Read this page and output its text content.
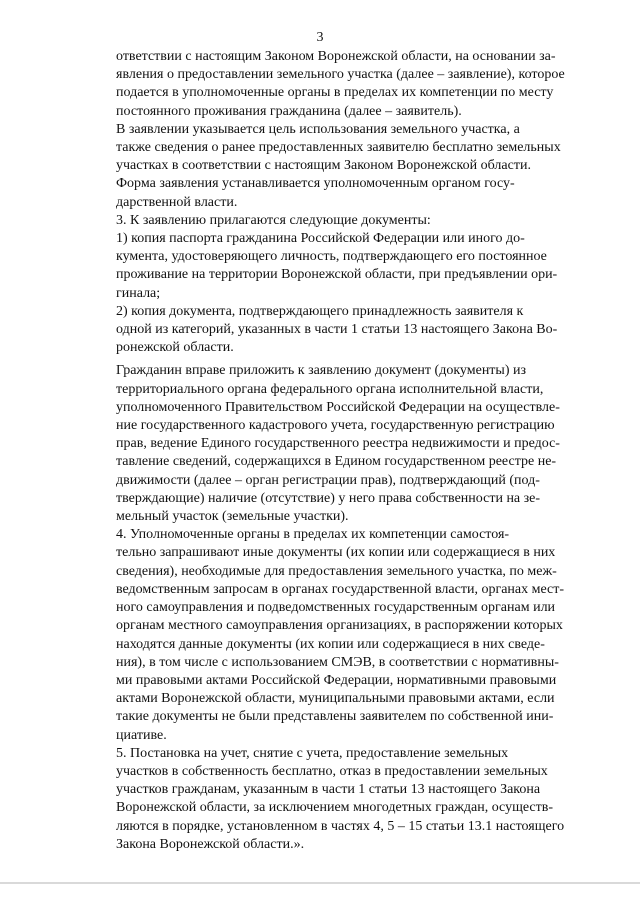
3

ответствии с настоящим Законом Воронежской области, на основании за-
явления о предоставлении земельного участка (далее – заявление), которое
подается в уполномоченные органы в пределах их компетенции по месту
постоянного проживания гражданина (далее – заявитель).

В заявлении указывается цель использования земельного участка, а
также сведения о ранее предоставленных заявителю бесплатно земельных
участках в соответствии с настоящим Законом Воронежской области.

Форма заявления устанавливается уполномоченным органом госу-
дарственной власти.

3. К заявлению прилагаются следующие документы:

1) копия паспорта гражданина Российской Федерации или иного до-
кумента, удостоверяющего личность, подтверждающего его постоянное
проживание на территории Воронежской области, при предъявлении ори-
гинала;

2) копия документа, подтверждающего принадлежность заявителя к
одной из категорий, указанных в части 1 статьи 13 настоящего Закона Во-
ронежской области.

Гражданин вправе приложить к заявлению документ (документы) из
территориального органа федерального органа исполнительной власти,
уполномоченного Правительством Российской Федерации на осуществле-
ние государственного кадастрового учета, государственную регистрацию
прав, ведение Единого государственного реестра недвижимости и предос-
тавление сведений, содержащихся в Едином государственном реестре не-
движимости (далее – орган регистрации прав), подтверждающий (под-
тверждающие) наличие (отсутствие) у него права собственности на зе-
мельный участок (земельные участки).

4. Уполномоченные органы в пределах их компетенции самостоя-
тельно запрашивают иные документы (их копии или содержащиеся в них
сведения), необходимые для предоставления земельного участка, по меж-
ведомственным запросам в органах государственной власти, органах мест-
ного самоуправления и подведомственных государственным органам или
органам местного самоуправления организациях, в распоряжении которых
находятся данные документы (их копии или содержащиеся в них сведе-
ния), в том числе с использованием СМЭВ, в соответствии с нормативны-
ми правовыми актами Российской Федерации, нормативными правовыми
актами Воронежской области, муниципальными правовыми актами, если
такие документы не были представлены заявителем по собственной ини-
циативе.

5. Постановка на учет, снятие с учета, предоставление земельных
участков в собственность бесплатно, отказ в предоставлении земельных
участков гражданам, указанным в части 1 статьи 13 настоящего Закона
Воронежской области, за исключением многодетных граждан, осуществ-
ляются в порядке, установленном в частях 4, 5 – 15 статьи 13.1 настоящего
Закона Воронежской области.».
